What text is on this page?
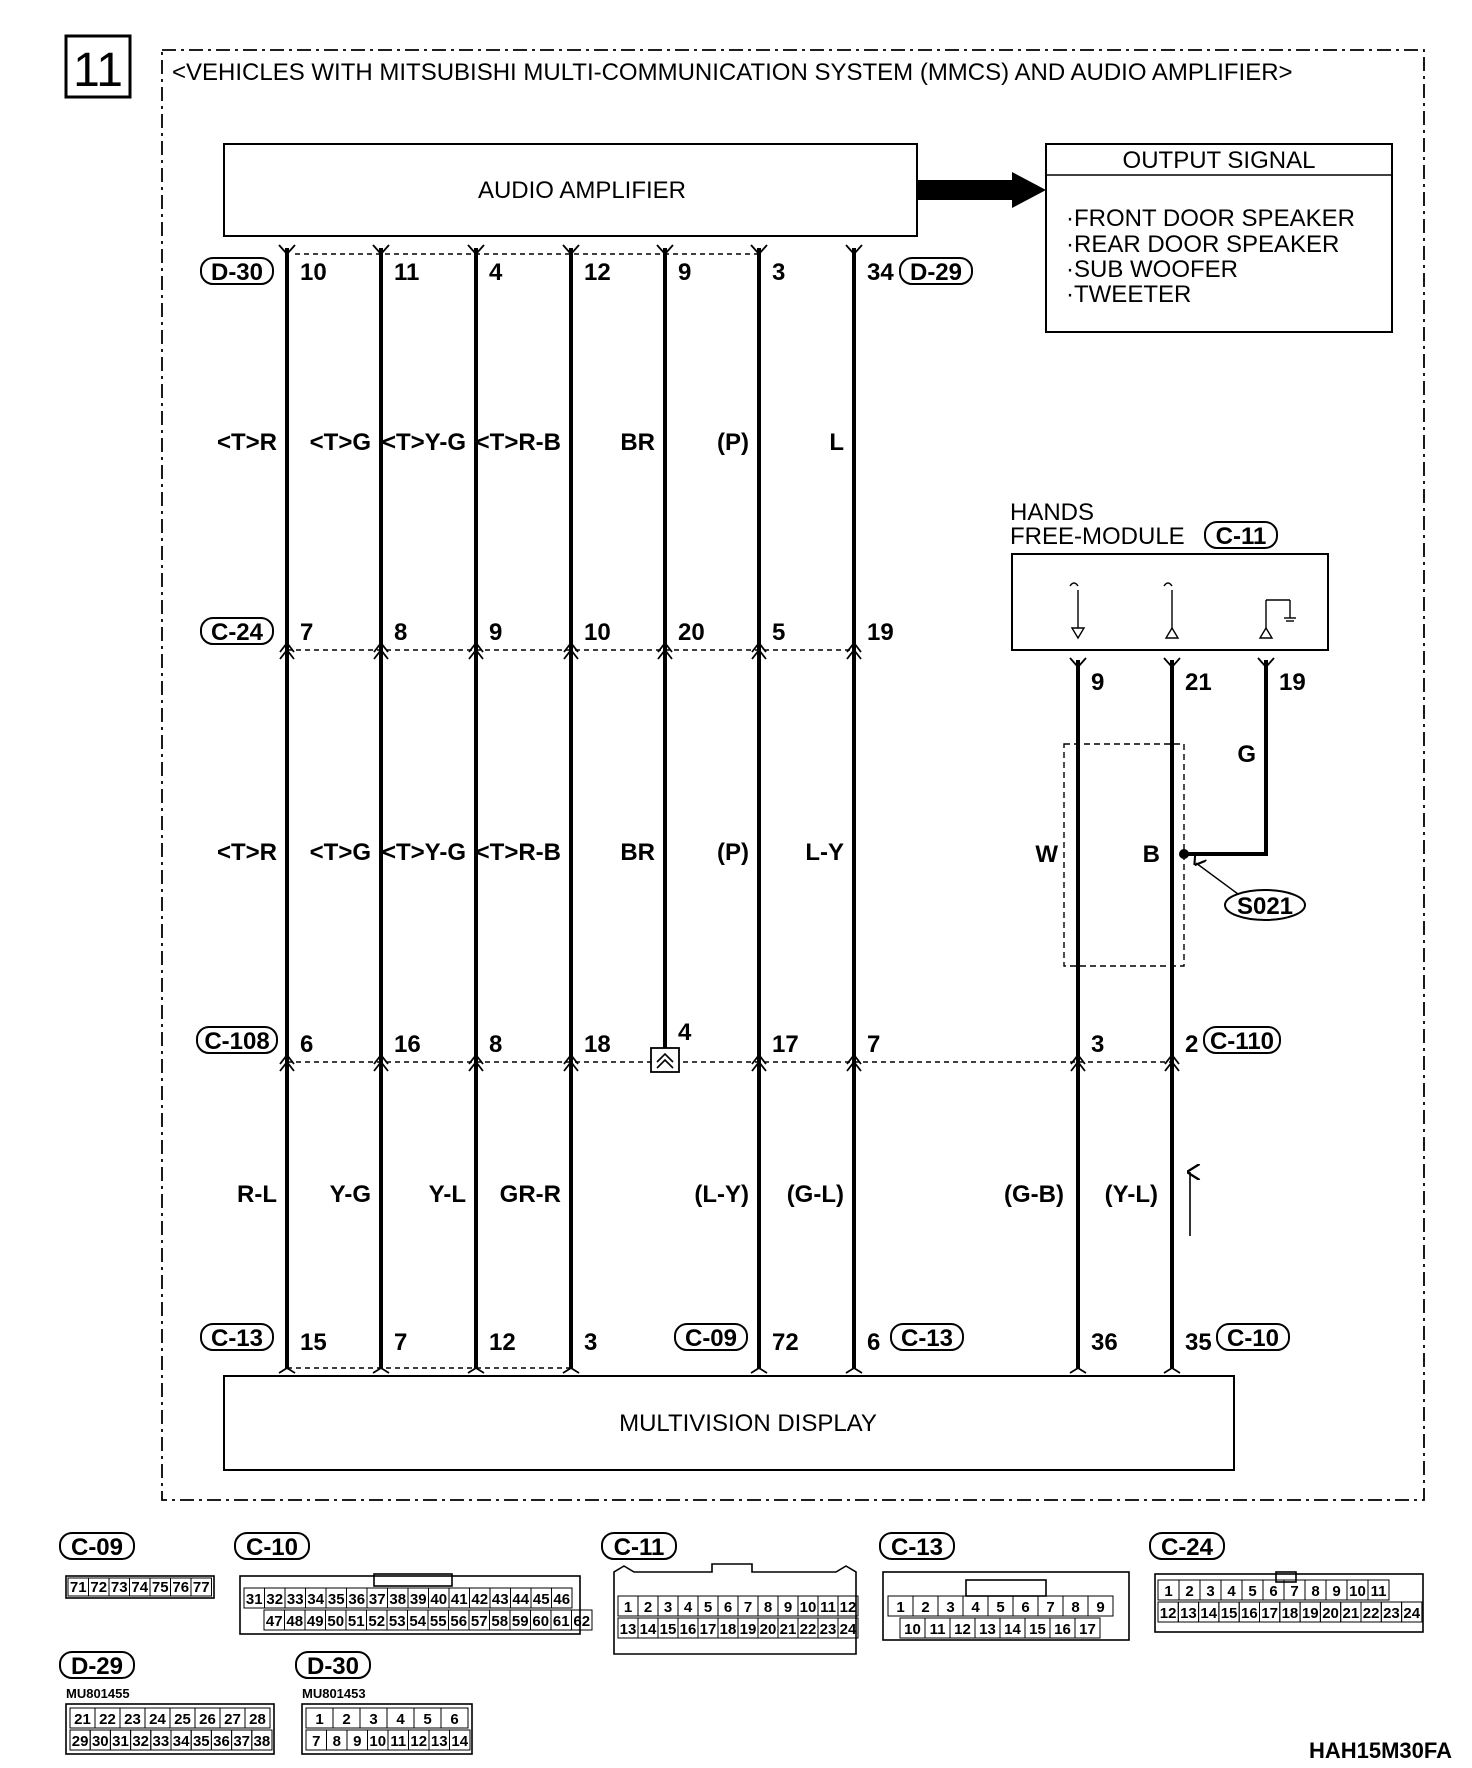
11 <VEHICLES WITH MITSUBISHI MULTI-COMMUNICATION SYSTEM (MMCS) AND AUDIO AMPLIFIER>
AUDIO AMPLIFIER
OUTPUT SIGNAL
·FRONT DOOR SPEAKER
·REAR DOOR SPEAKER
·SUB WOOFER
·TWEETER
D-30	D-29
C-24
C-108	C-110
C-13	C-09	C-13	C-10
10	11	4	12	9	3	34
<T>R <T>G <T>Y-G <T>R-B BR	(P)	L
7	8	9	10	20	5	19
<T>R <T>G <T>Y-G <T>R-B BR	(P) L-Y
6	16	8	18	4	17	7	3	2
R-L Y-G Y-L GR-R	(L-Y) (G-L)	(G-B) (Y-L)
15	7	12	3	72	6	36	35
MULTIVISION DISPLAY
HANDS
FREE-MODULE C-11
9	21	19
G
W	B
S021
C-09	C-10	C-11	C-13	C-24
D-29	D-30
MU801455	MU801453
71 72 73 74 75 76 77
31 32 33 34 35 36 37 38 39 40 41 42 43 44 45 46
47 48 49 50 51 52 53 54 55 56 57 58 59 60 61 62
1 2 3 4 5 6 7 8 9 10 11 12
13 14 15 16 17 18 19 20 21 22 23 24
1 2 3 4 5 6 7 8 9
10 11 12 13 14 15 16 17
1 2 3 4 5 6 7 8 9 10 11
12 13 14 15 16 17 18 19 20 21 22 23 24
21 22 23 24 25 26 27 28
29 30 31 32 33 34 35 36 37 38
1 2 3 4 5 6
7 8 9 10 11 12 13 14	HAH15M30FA
